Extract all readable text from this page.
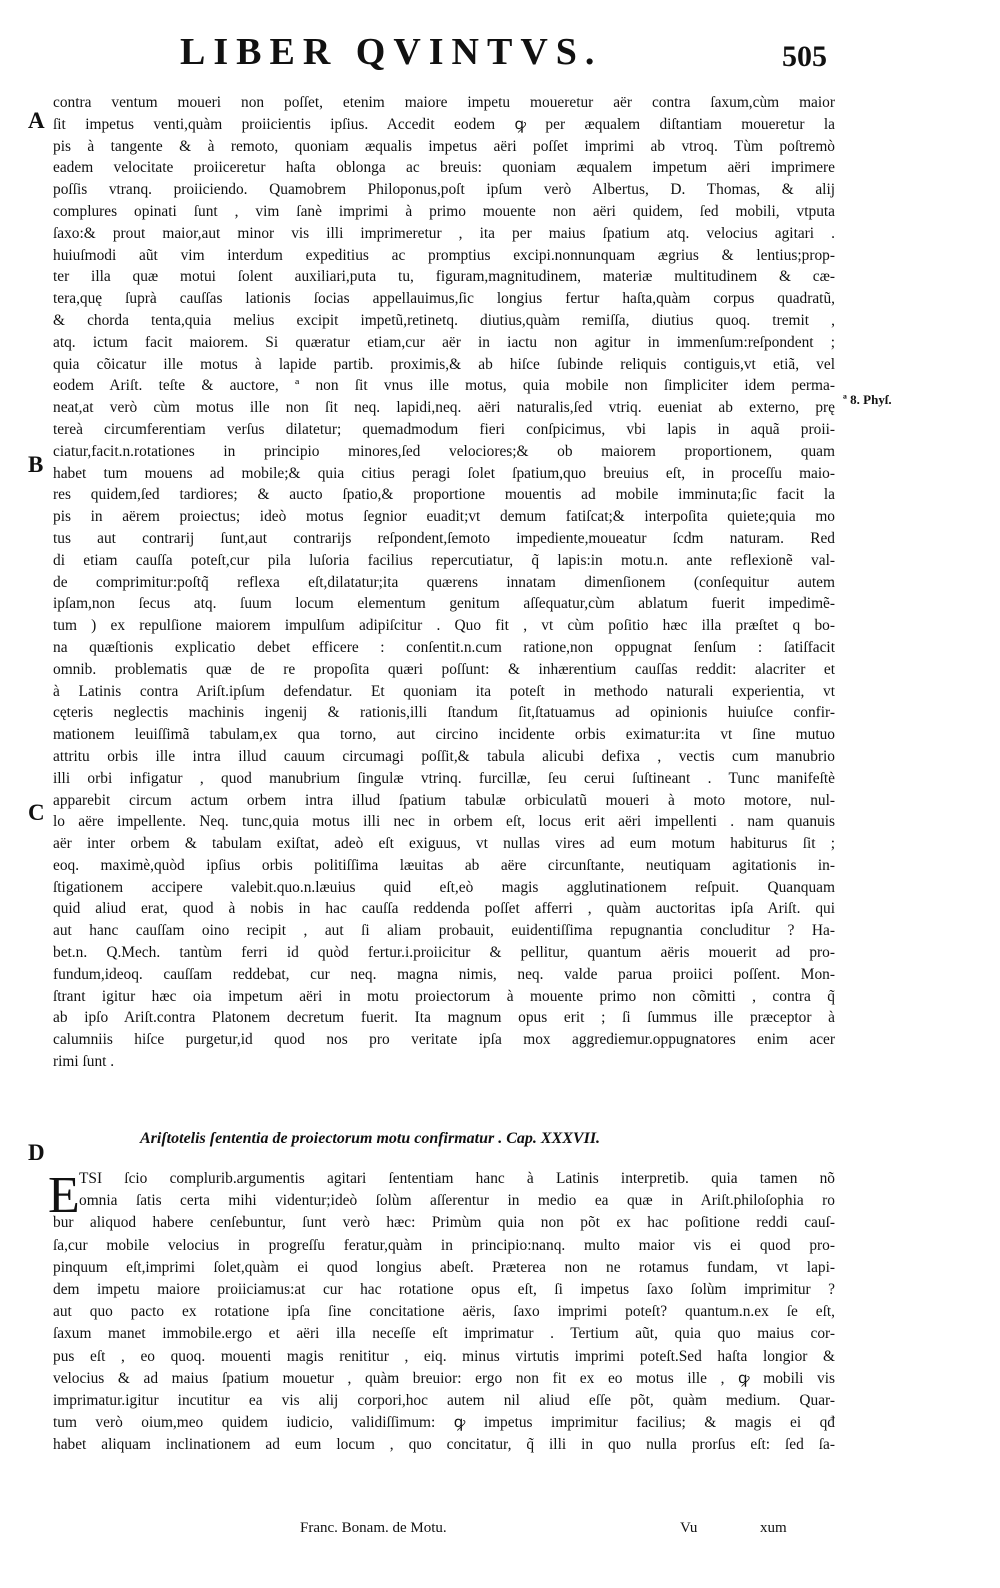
LIBER QVINTVS.	505
A
B
C
D
ª 8. Phyſ.
contra ventum moueri non poſſet, etenim maiore impetu moueretur aër contra ſaxum,cùm maior
ſit impetus venti,quàm proiicientis ipſius. Accedit eodem ꝙ per æqualem diſtantiam moueretur la
pis à tangente & à remoto, quoniam æqualis impetus aëri poſſet imprimi ab vtroq. Tùm poſtremò
eadem velocitate proiiceretur haſta oblonga ac breuis: quoniam æqualem impetum aëri imprimere
poſſis vtranq. proiiciendo. Quamobrem Philoponus,poſt ipſum verò Albertus, D. Thomas, & alij
complures opinati ſunt , vim ſanè imprimi à primo mouente non aëri quidem, ſed mobili, vtputa
ſaxo:& prout maior,aut minor vis illi imprimeretur , ita per maius ſpatium atq. velocius agitari .
huiuſmodi aũt vim interdum expeditius ac promptius excipi.nonnunquam ægrius & lentius;prop-
ter illa quæ motui ſolent auxiliari,puta tu, figuram,magnitudinem, materiæ multitudinem & cæ-
tera,quę ſuprà cauſſas lationis ſocias appellauimus,ſic longius fertur haſta,quàm corpus quadratũ,
& chorda tenta,quia melius excipit impetũ,retinetq. diutius,quàm remiſſa, diutius quoq. tremit ,
atq. ictum facit maiorem. Si quæratur etiam,cur aër in iactu non agitur in immenſum:reſpondent ;
quia cõicatur ille motus à lapide partib. proximis,& ab hiſce ſubinde reliquis contiguis,vt etiã, vel
eodem Ariſt. teſte & auctore, ª non ſit vnus ille motus, quia mobile non ſimpliciter idem perma-
neat,at verò cùm motus ille non ſit neq. lapidi,neq. aëri naturalis,ſed vtriq. eueniat ab externo, prę
tereà circumferentiam verſus dilatetur; quemadmodum fieri conſpicimus, vbi lapis in aquã proii-
ciatur,facit.n.rotationes in principio minores,ſed velociores;& ob maiorem proportionem, quam
habet tum mouens ad mobile;& quia citius peragi ſolet ſpatium,quo breuius eſt, in proceſſu maio-
res quidem,ſed tardiores; & aucto ſpatio,& proportione mouentis ad mobile imminuta;ſic facit la
pis in aërem proiectus; ideò motus ſegnior euadit;vt demum fatiſcat;& interpoſita quiete;quia mo
tus aut contrarij ſunt,aut contrarijs reſpondent,ſemoto impediente,moueatur ſcdm naturam. Red
di etiam cauſſa poteſt,cur pila luſoria facilius repercutiatur, q̃ lapis:in motu.n. ante reflexionẽ val-
de comprimitur:poſtq̃ reflexa eſt,dilatatur;ita quærens innatam dimenſionem (conſequitur autem
ipſam,non ſecus atq. ſuum locum elementum genitum aſſequatur,cùm ablatum fuerit impedimẽ-
tum ) ex repulſione maiorem impulſum adipiſcitur . Quo fit , vt cùm poſitio hæc illa præſtet q bo-
na quæſtionis explicatio debet efficere : conſentit.n.cum ratione,non oppugnat ſenſum : ſatiſfacit
omnib. problematis quæ de re propoſita quæri poſſunt: & inhærentium cauſſas reddit: alacriter et
à Latinis contra Ariſt.ipſum defendatur. Et quoniam ita poteſt in methodo naturali experientia, vt
cęteris neglectis machinis ingenij & rationis,illi ſtandum ſit,ſtatuamus ad opinionis huiuſce confir-
mationem leuiſſimã tabulam,ex qua torno, aut circino incidente orbis eximatur:ita vt ſine mutuo
attritu orbis ille intra illud cauum circumagi poſſit,& tabula alicubi defixa , vectis cum manubrio
illi orbi infigatur , quod manubrium ſingulæ vtrinq. furcillæ, ſeu cerui ſuſtineant . Tunc manifeſtè
apparebit circum actum orbem intra illud ſpatium tabulæ orbiculatũ moueri à moto motore, nul-
lo aëre impellente. Neq. tunc,quia motus illi nec in orbem eſt, locus erit aëri impellenti . nam quanuis
aër inter orbem & tabulam exiſtat, adeò eſt exiguus, vt nullas vires ad eum motum habiturus ſit ;
eoq. maximè,quòd ipſius orbis politiſſima læuitas ab aëre circunſtante, neutiquam agitationis in-
ſtigationem accipere valebit.quo.n.læuius quid eſt,eò magis agglutinationem reſpuit. Quanquam
quid aliud erat, quod à nobis in hac cauſſa reddenda poſſet afferri , quàm auctoritas ipſa Ariſt. qui
aut hanc cauſſam oino recipit , aut ſi aliam probauit, euidentiſſima repugnantia concluditur ? Ha-
bet.n. Q.Mech. tantùm ferri id quòd fertur.i.proiicitur & pellitur, quantum aëris mouerit ad pro-
fundum,ideoq. cauſſam reddebat, cur neq. magna nimis, neq. valde parua proiici poſſent. Mon-
ſtrant igitur hæc oia impetum aëri in motu proiectorum à mouente primo non cõmitti , contra q̃
ab ipſo Ariſt.contra Platonem decretum fuerit. Ita magnum opus erit ; ſi ſummus ille præceptor à
calumniis hiſce purgetur,id quod nos pro veritate ipſa mox aggrediemur.oppugnatores enim acer
rimi ſunt .
Ariſtotelis ſententia de proiectorum motu confirmatur . Cap. XXXVII.
E TSI ſcio complurib.argumentis agitari ſententiam hanc à Latinis interpretib. quia tamen nõ
omnia ſatis certa mihi videntur;ideò ſolùm aſſerentur in medio ea quæ in Ariſt.philoſophia ro
bur aliquod habere cenſebuntur, ſunt verò hæc: Primùm quia non põt ex hac poſitione reddi cauſ-
ſa,cur mobile velocius in progreſſu feratur,quàm in principio:nanq. multo maior vis ei quod pro-
pinquum eſt,imprimi ſolet,quàm ei quod longius abeſt. Præterea non ne rotamus fundam, vt lapi-
dem impetu maiore proiiciamus:at cur hac rotatione opus eſt, ſi impetus ſaxo ſolùm imprimitur ?
aut quo pacto ex rotatione ipſa ſine concitatione aëris, ſaxo imprimi poteſt? quantum.n.ex ſe eſt,
ſaxum manet immobile.ergo et aëri illa neceſſe eſt imprimatur . Tertium aũt, quia quo maius cor-
pus eſt , eo quoq. mouenti magis renititur , eiq. minus virtutis imprimi poteſt.Sed haſta longior &
velocius & ad maius ſpatium mouetur , quàm breuior: ergo non fit ex eo motus ille , ꝙ mobili vis
imprimatur.igitur incutitur ea vis alij corpori,hoc autem nil aliud eſſe põt, quàm medium. Quar-
tum verò oium,meo quidem iudicio, validiſſimum: ꝙ impetus imprimitur facilius; & magis ei qđ
habet aliquam inclinationem ad eum locum , quo concitatur, q̃ illi in quo nulla prorſus eſt: ſed ſa-
Franc. Bonam. de Motu.	Vu	xum
